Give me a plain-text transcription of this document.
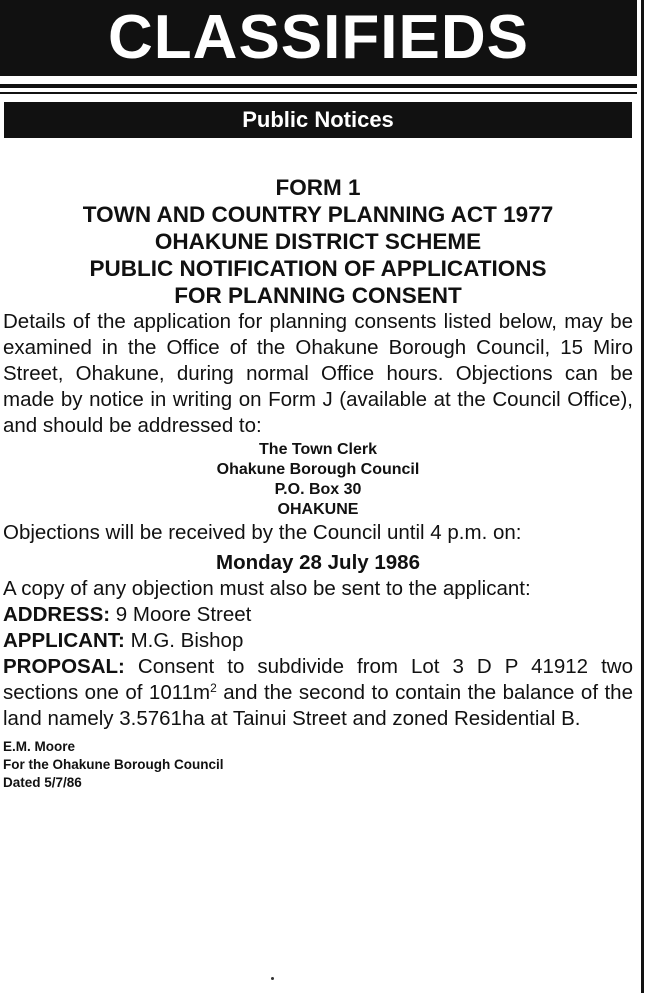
CLASSIFIEDS
Public Notices
FORM 1
TOWN AND COUNTRY PLANNING ACT 1977
OHAKUNE DISTRICT SCHEME
PUBLIC NOTIFICATION OF APPLICATIONS
FOR PLANNING CONSENT

Details of the application for planning consents listed below, may be examined in the Office of the Ohakune Borough Council, 15 Miro Street, Ohakune, during normal Office hours. Objections can be made by notice in writing on Form J (available at the Council Office), and should be addressed to:

The Town Clerk
Ohakune Borough Council
P.O. Box 30
OHAKUNE

Objections will be received by the Council until 4 p.m. on:

Monday 28 July 1986

A copy of any objection must also be sent to the applicant:

ADDRESS: 9 Moore Street

APPLICANT: M.G. Bishop

PROPOSAL: Consent to subdivide from Lot 3 D P 41912 two sections one of $1011m^2$ and the second to contain the balance of the land namely 3.5761ha at Tainui Street and zoned Residential B.

E.M. Moore
For the Ohakune Borough Council
Dated 5/7/86
